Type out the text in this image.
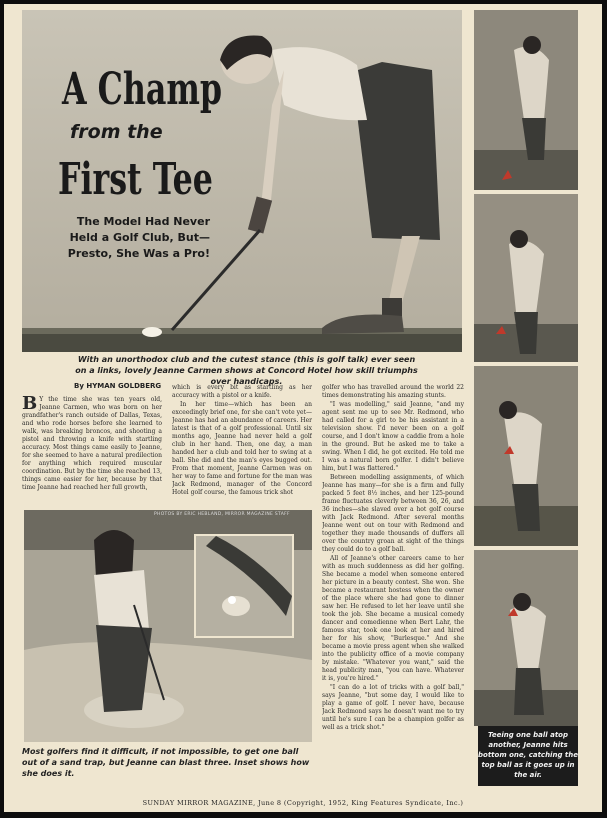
A Champ
from the
First Tee
The Model Had Never Held a Golf Club, But— Presto, She Was a Pro!
With an unorthodox club and the cutest stance (this is golf talk) ever seen on a links, lovely Jeanne Carmen shows at Concord Hotel how skill triumphs over handicaps.
By HYMAN GOLDBERG
B Y the time she was ten years old, Jeanne Carmen, who was born on her grandfather's ranch outside of Dallas, Texas, and who rode horses before she learned to walk, was breaking broncos, and shooting a pistol and throwing a knife with startling accuracy. Most things came easily to Jeanne, for she seemed to have a natural predilection for anything which required muscular coordination. But by the time she reached 13, things came easier for her, because by that time Jeanne had reached her full growth,

which is every bit as startling as her accuracy with a pistol or a knife.

In her time—which has been an exceedingly brief one, for she can't vote yet—Jeanne has had an abundance of careers. Her latest is that of a golf professional. Until six months ago, Jeanne had never held a golf club in her hand. Then, one day, a man handed her a club and told her to swing at a ball. She did and the man's eyes bugged out. From that moment, Jeanne Carmen was on her way to fame and fortune for the man was Jack Redmond, manager of the Concord Hotel golf course, the famous trick shot

golfer who has travelled around the world 22 times demonstrating his amazing stunts.

"I was modelling," said Jeanne, "and my agent sent me up to see Mr. Redmond, who had called for a girl to be his assistant in a television show. I'd never been on a golf course, and I don't know a caddie from a hole in the ground. But he asked me to take a swing. When I did, he got excited. He told me I was a natural born golfer. I didn't believe him, but I was flattered."

Between modelling assignments, of which Jeanne has many—for she is a firm and fully packed 5 feet 8½ inches, and her 125-pound frame fluctuates cleverly between 36, 26, and 36 inches—she slaved over a hot golf course with Jack Redmond. After several months Jeanne went out on tour with Redmond and together they made thousands of duffers all over the country groan at sight of the things they could do to a golf ball.

All of Jeanne's other careers came to her with as much suddenness as did her golfing. She became a model when someone entered her picture in a beauty contest. She won. She became a restaurant hostess when the owner of the place where she had gone to dinner saw her. He refused to let her leave until she took the job. She became a musical comedy dancer and comedienne when Bert Lahr, the famous star, took one look at her and hired her for his show, "Burlesque." And she became a movie press agent when she walked into the publicity office of a movie company by mistake. "Whatever you want," said the head publicity man, "you can have. Whatever it is, you're hired."

"I can do a lot of tricks with a golf ball," says Jeanne, "but some day, I would like to play a game of golf. I never have, because Jack Redmond says he doesn't want me to try until he's sure I can be a champion golfer as well as a trick shot."

PHOTOS BY ERIC HEBLAND, MIRROR MAGAZINE STAFF
Most golfers find it difficult, if not impossible, to get one ball out of a sand trap, but Jeanne can blast three. Inset shows how she does it.
Teeing one ball atop another, Jeanne hits bottom one, catching the top ball as it goes up in the air.
SUNDAY MIRROR MAGAZINE, June 8 (Copyright, 1952, King Features Syndicate, Inc.)
